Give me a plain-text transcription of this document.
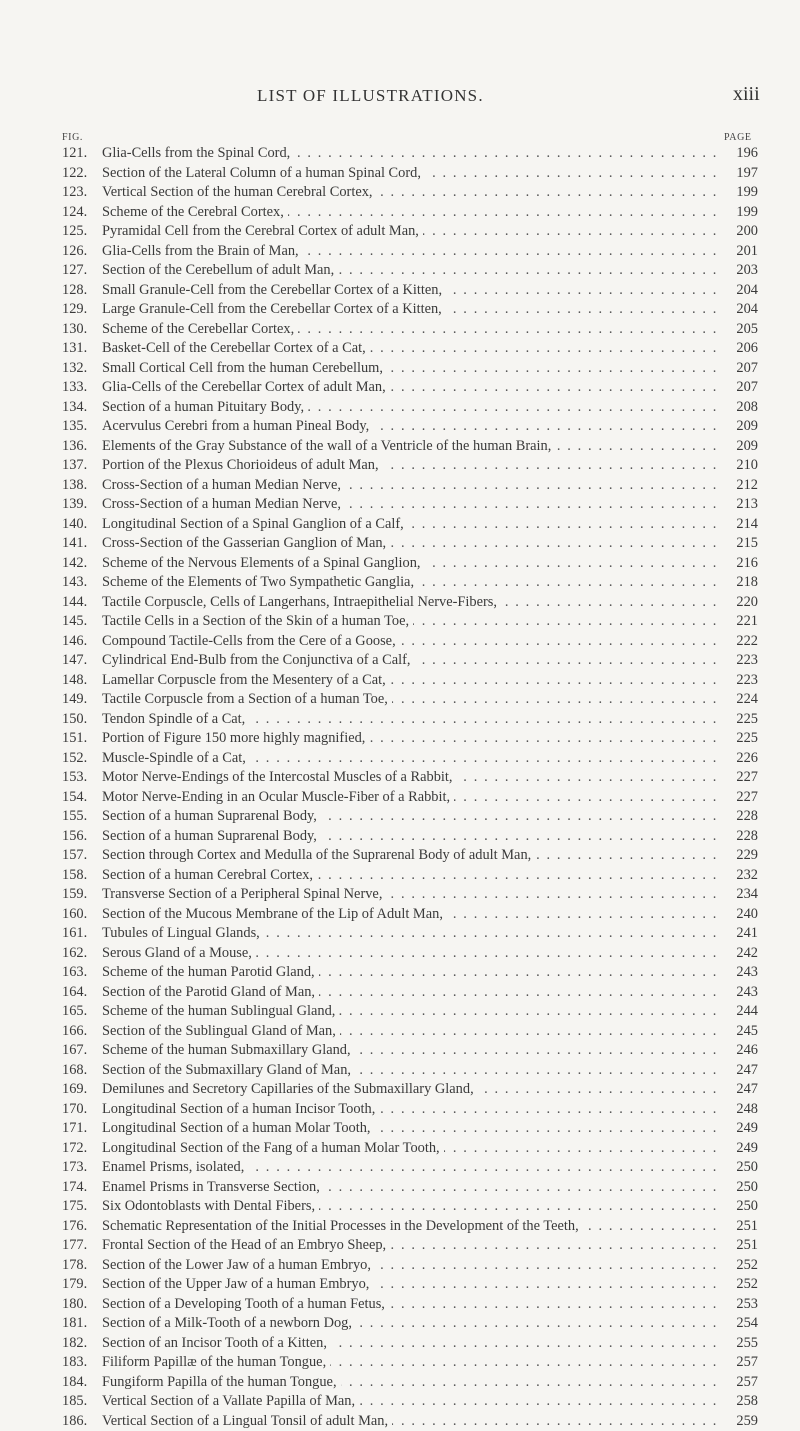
LIST OF ILLUSTRATIONS.	xiii
FIG.	PAGE
121.	Glia-Cells from the Spinal Cord, . . .	196
122.	Section of the Lateral Column of a human Spinal Cord, . . .	197
123.	Vertical Section of the human Cerebral Cortex, . . .	199
124.	Scheme of the Cerebral Cortex, . . .	199
125.	Pyramidal Cell from the Cerebral Cortex of adult Man, . . .	200
126.	Glia-Cells from the Brain of Man, . . .	201
127.	Section of the Cerebellum of adult Man, . . .	203
128.	Small Granule-Cell from the Cerebellar Cortex of a Kitten, . . .	204
129.	Large Granule-Cell from the Cerebellar Cortex of a Kitten, . . .	204
130.	Scheme of the Cerebellar Cortex, . . .	205
131.	Basket-Cell of the Cerebellar Cortex of a Cat, . . .	206
132.	Small Cortical Cell from the human Cerebellum, . . .	207
133.	Glia-Cells of the Cerebellar Cortex of adult Man, . . .	207
134.	Section of a human Pituitary Body, . . .	208
135.	Acervulus Cerebri from a human Pineal Body, . . .	209
136.	Elements of the Gray Substance of the wall of a Ventricle of the human Brain, . . .	209
137.	Portion of the Plexus Chorioideus of adult Man, . . .	210
138.	Cross-Section of a human Median Nerve, . . .	212
139.	Cross-Section of a human Median Nerve, . . .	213
140.	Longitudinal Section of a Spinal Ganglion of a Calf, . . .	214
141.	Cross-Section of the Gasserian Ganglion of Man, . . .	215
142.	Scheme of the Nervous Elements of a Spinal Ganglion, . . .	216
143.	Scheme of the Elements of Two Sympathetic Ganglia, . . .	218
144.	Tactile Corpuscle, Cells of Langerhans, Intraepithelial Nerve-Fibers, . . .	220
145.	Tactile Cells in a Section of the Skin of a human Toe, . . .	221
146.	Compound Tactile-Cells from the Cere of a Goose, . . .	222
147.	Cylindrical End-Bulb from the Conjunctiva of a Calf, . . .	223
148.	Lamellar Corpuscle from the Mesentery of a Cat, . . .	223
149.	Tactile Corpuscle from a Section of a human Toe, . . .	224
150.	Tendon Spindle of a Cat, . . .	225
151.	Portion of Figure 150 more highly magnified, . . .	225
152.	Muscle-Spindle of a Cat, . . .	226
153.	Motor Nerve-Endings of the Intercostal Muscles of a Rabbit, . . .	227
154.	Motor Nerve-Ending in an Ocular Muscle-Fiber of a Rabbit, . . .	227
155.	Section of a human Suprarenal Body, . . .	228
156.	Section of a human Suprarenal Body, . . .	228
157.	Section through Cortex and Medulla of the Suprarenal Body of adult Man, . . .	229
158.	Section of a human Cerebral Cortex, . . .	232
159.	Transverse Section of a Peripheral Spinal Nerve, . . .	234
160.	Section of the Mucous Membrane of the Lip of Adult Man, . . .	240
161.	Tubules of Lingual Glands, . . .	241
162.	Serous Gland of a Mouse, . . .	242
163.	Scheme of the human Parotid Gland, . . .	243
164.	Section of the Parotid Gland of Man, . . .	243
165.	Scheme of the human Sublingual Gland, . . .	244
166.	Section of the Sublingual Gland of Man, . . .	245
167.	Scheme of the human Submaxillary Gland, . . .	246
168.	Section of the Submaxillary Gland of Man, . . .	247
169.	Demilunes and Secretory Capillaries of the Submaxillary Gland, . . .	247
170.	Longitudinal Section of a human Incisor Tooth, . . .	248
171.	Longitudinal Section of a human Molar Tooth, . . .	249
172.	Longitudinal Section of the Fang of a human Molar Tooth, . . .	249
173.	Enamel Prisms, isolated, . . .	250
174.	Enamel Prisms in Transverse Section, . . .	250
175.	Six Odontoblasts with Dental Fibers, . . .	250
176.	Schematic Representation of the Initial Processes in the Development of the Teeth, . . .	251
177.	Frontal Section of the Head of an Embryo Sheep, . . .	251
178.	Section of the Lower Jaw of a human Embryo, . . .	252
179.	Section of the Upper Jaw of a human Embryo, . . .	252
180.	Section of a Developing Tooth of a human Fetus, . . .	253
181.	Section of a Milk-Tooth of a newborn Dog, . . .	254
182.	Section of an Incisor Tooth of a Kitten, . . .	255
183.	Filiform Papillæ of the human Tongue, . . .	257
184.	Fungiform Papilla of the human Tongue, . . .	257
185.	Vertical Section of a Vallate Papilla of Man, . . .	258
186.	Vertical Section of a Lingual Tonsil of adult Man, . . .	259
